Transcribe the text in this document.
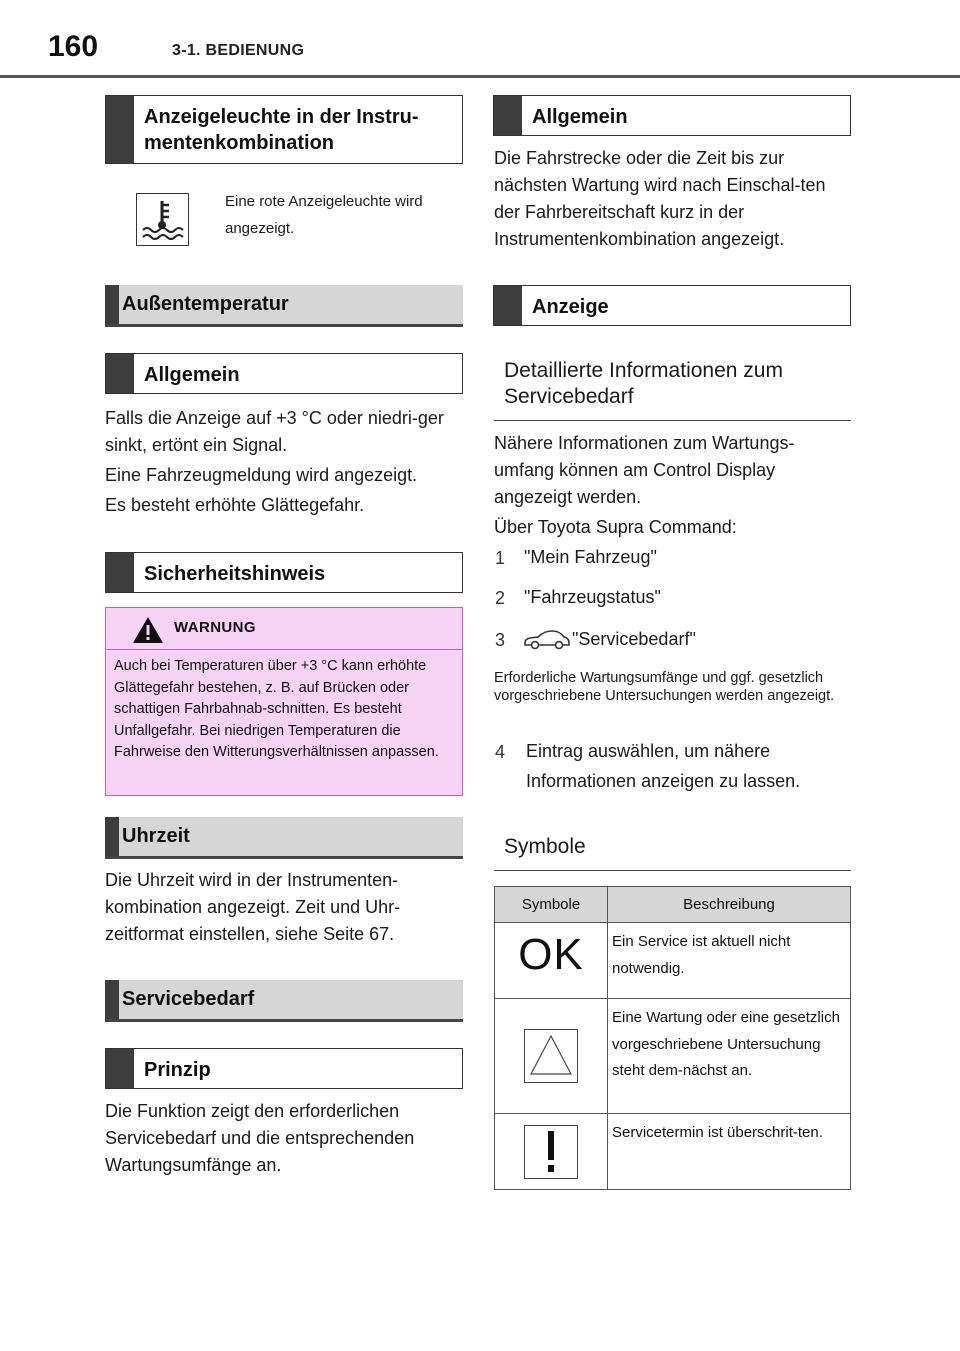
160	3-1. BEDIENUNG
Anzeigeleuchte in der Instru-mentenkombination
Eine rote Anzeigeleuchte wird angezeigt.
Außentemperatur
Allgemein
Falls die Anzeige auf +3 °C oder niedri-ger sinkt, ertönt ein Signal.
Eine Fahrzeugmeldung wird angezeigt.
Es besteht erhöhte Glättegefahr.
Sicherheitshinweis
WARNUNG
Auch bei Temperaturen über +3 °C kann erhöhte Glättegefahr bestehen, z. B. auf Brücken oder schattigen Fahrbahnab-schnitten. Es besteht Unfallgefahr. Bei niedrigen Temperaturen die Fahrweise den Witterungsverhältnissen anpassen.
Uhrzeit
Die Uhrzeit wird in der Instrumenten-kombination angezeigt. Zeit und Uhr-zeitformat einstellen, siehe Seite 67.
Servicebedarf
Prinzip
Die Funktion zeigt den erforderlichen Servicebedarf und die entsprechenden Wartungsumfänge an.
Allgemein
Die Fahrstrecke oder die Zeit bis zur nächsten Wartung wird nach Einschal-ten der Fahrbereitschaft kurz in der Instrumentenkombination angezeigt.
Anzeige
Detaillierte Informationen zum Servicebedarf
Nähere Informationen zum Wartungs-umfang können am Control Display angezeigt werden.
Über Toyota Supra Command:
1 "Mein Fahrzeug"
2 "Fahrzeugstatus"
3	"Servicebedarf"
Erforderliche Wartungsumfänge und ggf. gesetzlich vorgeschriebene Untersuchungen werden angezeigt.
4 Eintrag auswählen, um nähere Informationen anzeigen zu lassen.
Symbole
Symbole	Beschreibung
OK	Ein Service ist aktuell nicht notwendig.
	Eine Wartung oder eine gesetzlich vorgeschriebene Untersuchung steht dem-nächst an.
	Servicetermin ist überschrit-ten.
